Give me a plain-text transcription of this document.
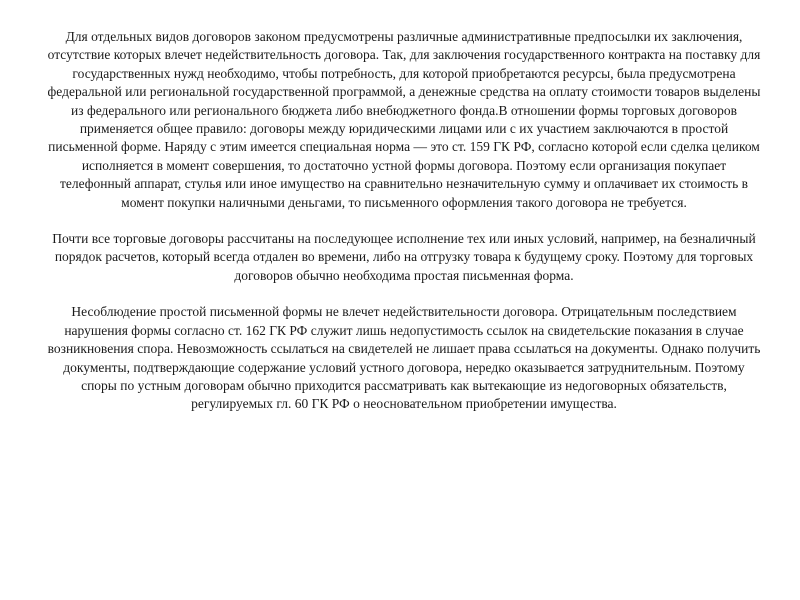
Для отдельных видов договоров законом предусмотрены различные административные предпосылки их заключения, отсутствие которых влечет недействительность договора. Так, для заключения государственного контракта на поставку для государственных нужд необходимо, чтобы потребность, для которой приобретаются ресурсы, была предусмотрена федеральной или региональной государственной программой, а денежные средства на оплату стоимости товаров выделены из федерального или регионального бюджета либо внебюджетного фонда.В отношении формы торговых договоров применяется общее правило: договоры между юридическими лицами или с их участием заключаются в простой письменной форме. Наряду с этим имеется специальная норма — это ст. 159 ГК РФ, согласно которой если сделка целиком исполняется в момент совершения, то достаточно устной формы договора. Поэтому если организация покупает телефонный аппарат, стулья или иное имущество на сравнительно незначительную сумму и оплачивает их стоимость в момент покупки наличными деньгами, то письменного оформления такого договора не требуется.

Почти все торговые договоры рассчитаны на последующее исполнение тех или иных условий, например, на безналичный порядок расчетов, который всегда отдален во времени, либо на отгрузку товара к будущему сроку. Поэтому для торговых договоров обычно необходима простая письменная форма.

Несоблюдение простой письменной формы не влечет недействительности договора. Отрицательным последствием нарушения формы согласно ст. 162 ГК РФ служит лишь недопустимость ссылок на свидетельские показания в случае возникновения спора. Невозможность ссылаться на свидетелей не лишает права ссылаться на документы. Однако получить документы, подтверждающие содержание условий устного договора, нередко оказывается затруднительным. Поэтому споры по устным договорам обычно приходится рассматривать как вытекающие из недоговорных обязательств, регулируемых гл. 60 ГК РФ о неосновательном приобретении имущества.
